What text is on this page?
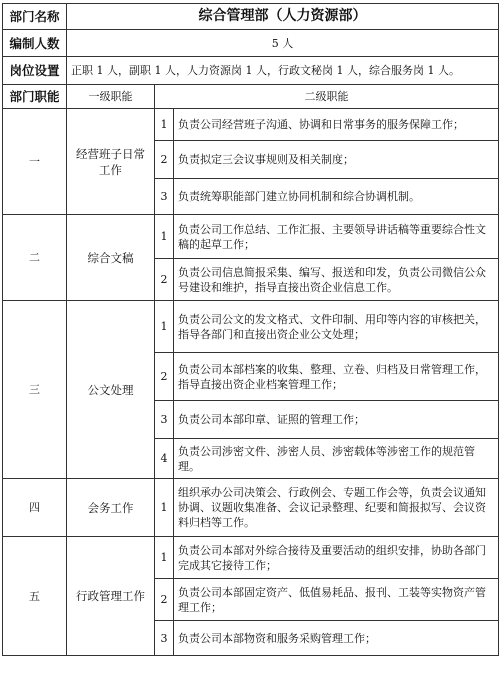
部门名称	综合管理部（人力资源部）		
编制人数	5 人		
岗位设置	正职 1 人，副职 1 人，人力资源岗 1 人，行政文秘岗 1 人，综合服务岗 1 人。		
部门职能	一级职能	二级职能	
一	经营班子日常工作	1	负责公司经营班子沟通、协调和日常事务的服务保障工作；
		2	负责拟定三会议事规则及相关制度；
		3	负责统筹职能部门建立协同机制和综合协调机制。
二	综合文稿	1	负责公司工作总结、工作汇报、主要领导讲话稿等重要综合性文稿的起草工作；
		2	负责公司信息简报采集、编写、报送和印发，负责公司微信公众号建设和维护，指导直接出资企业信息工作。
三	公文处理	1	负责公司公文的发文格式、文件印制、用印等内容的审核把关，指导各部门和直接出资企业公文处理；
		2	负责公司本部档案的收集、整理、立卷、归档及日常管理工作，指导直接出资企业档案管理工作；
		3	负责公司本部印章、证照的管理工作；
		4	负责公司涉密文件、涉密人员、涉密载体等涉密工作的规范管理。
四	会务工作	1	组织承办公司决策会、行政例会、专题工作会等，负责会议通知协调、议题收集准备、会议记录整理、纪要和简报拟写、会议资料归档等工作。
五	行政管理工作	1	负责公司本部对外综合接待及重要活动的组织安排，协助各部门完成其它接待工作；
		2	负责公司本部固定资产、低值易耗品、报刊、工装等实物资产管理工作；
		3	负责公司本部物资和服务采购管理工作；
